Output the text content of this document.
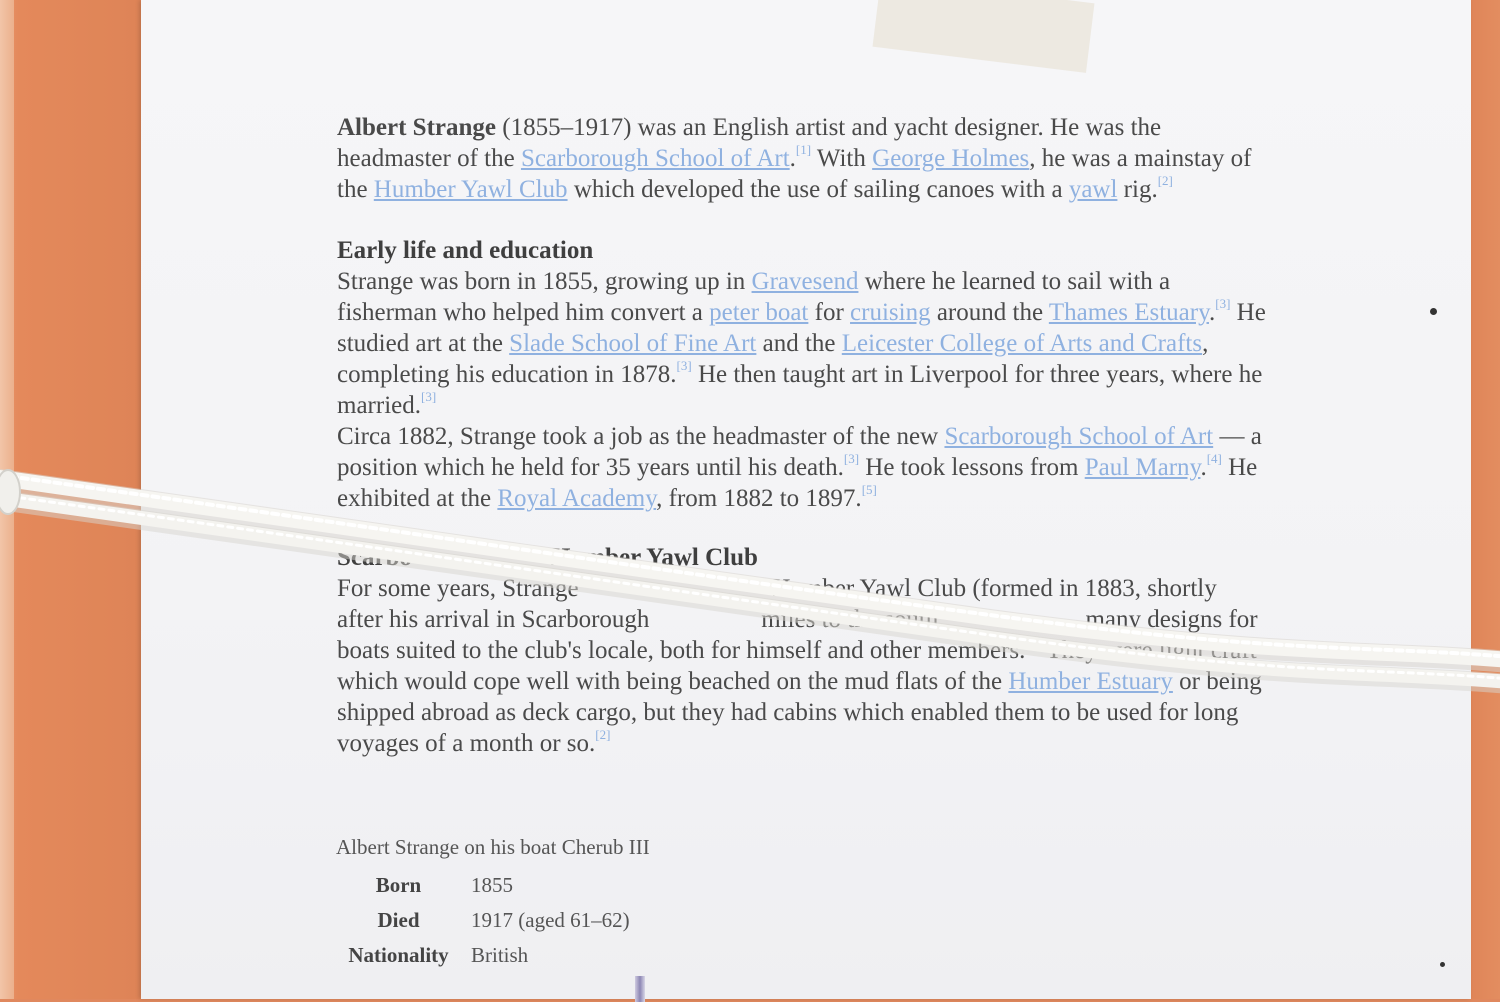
Albert Strange (1855–1917) was an English artist and yacht designer. He was the headmaster of the Scarborough School of Art.[1] With George Holmes, he was a mainstay of the Humber Yawl Club which developed the use of sailing canoes with a yawl rig.[2]

Early life and education

Strange was born in 1855, growing up in Gravesend where he learned to sail with a fisherman who helped him convert a peter boat for cruising around the Thames Estuary.[3] He studied art at the Slade School of Fine Art and the Leicester College of Arts and Crafts, completing his education in 1878.[3] He then taught art in Liverpool for three years, where he married.[3]

Circa 1882, Strange took a job as the headmaster of the new Scarborough School of Art — a position which he held for 35 years until his death.[3] He took lessons from Paul Marny.[4] He exhibited at the Royal Academy, from 1882 to 1897.[5]

Scarbo	Humber Yawl Club

For some years, Strange	Humber Yawl Club (formed in 1883, shortly after his arrival in Scarborough	miles to the south.	many designs for boats suited to the club's locale, both for himself and other members.[2] They were light craft which would cope well with being beached on the mud flats of the Humber Estuary or being shipped abroad as deck cargo, but they had cabins which enabled them to be used for long voyages of a month or so.[2]

Albert Strange on his boat Cherub III
Born	1855
Died	1917 (aged 61–62)
Nationality	British
